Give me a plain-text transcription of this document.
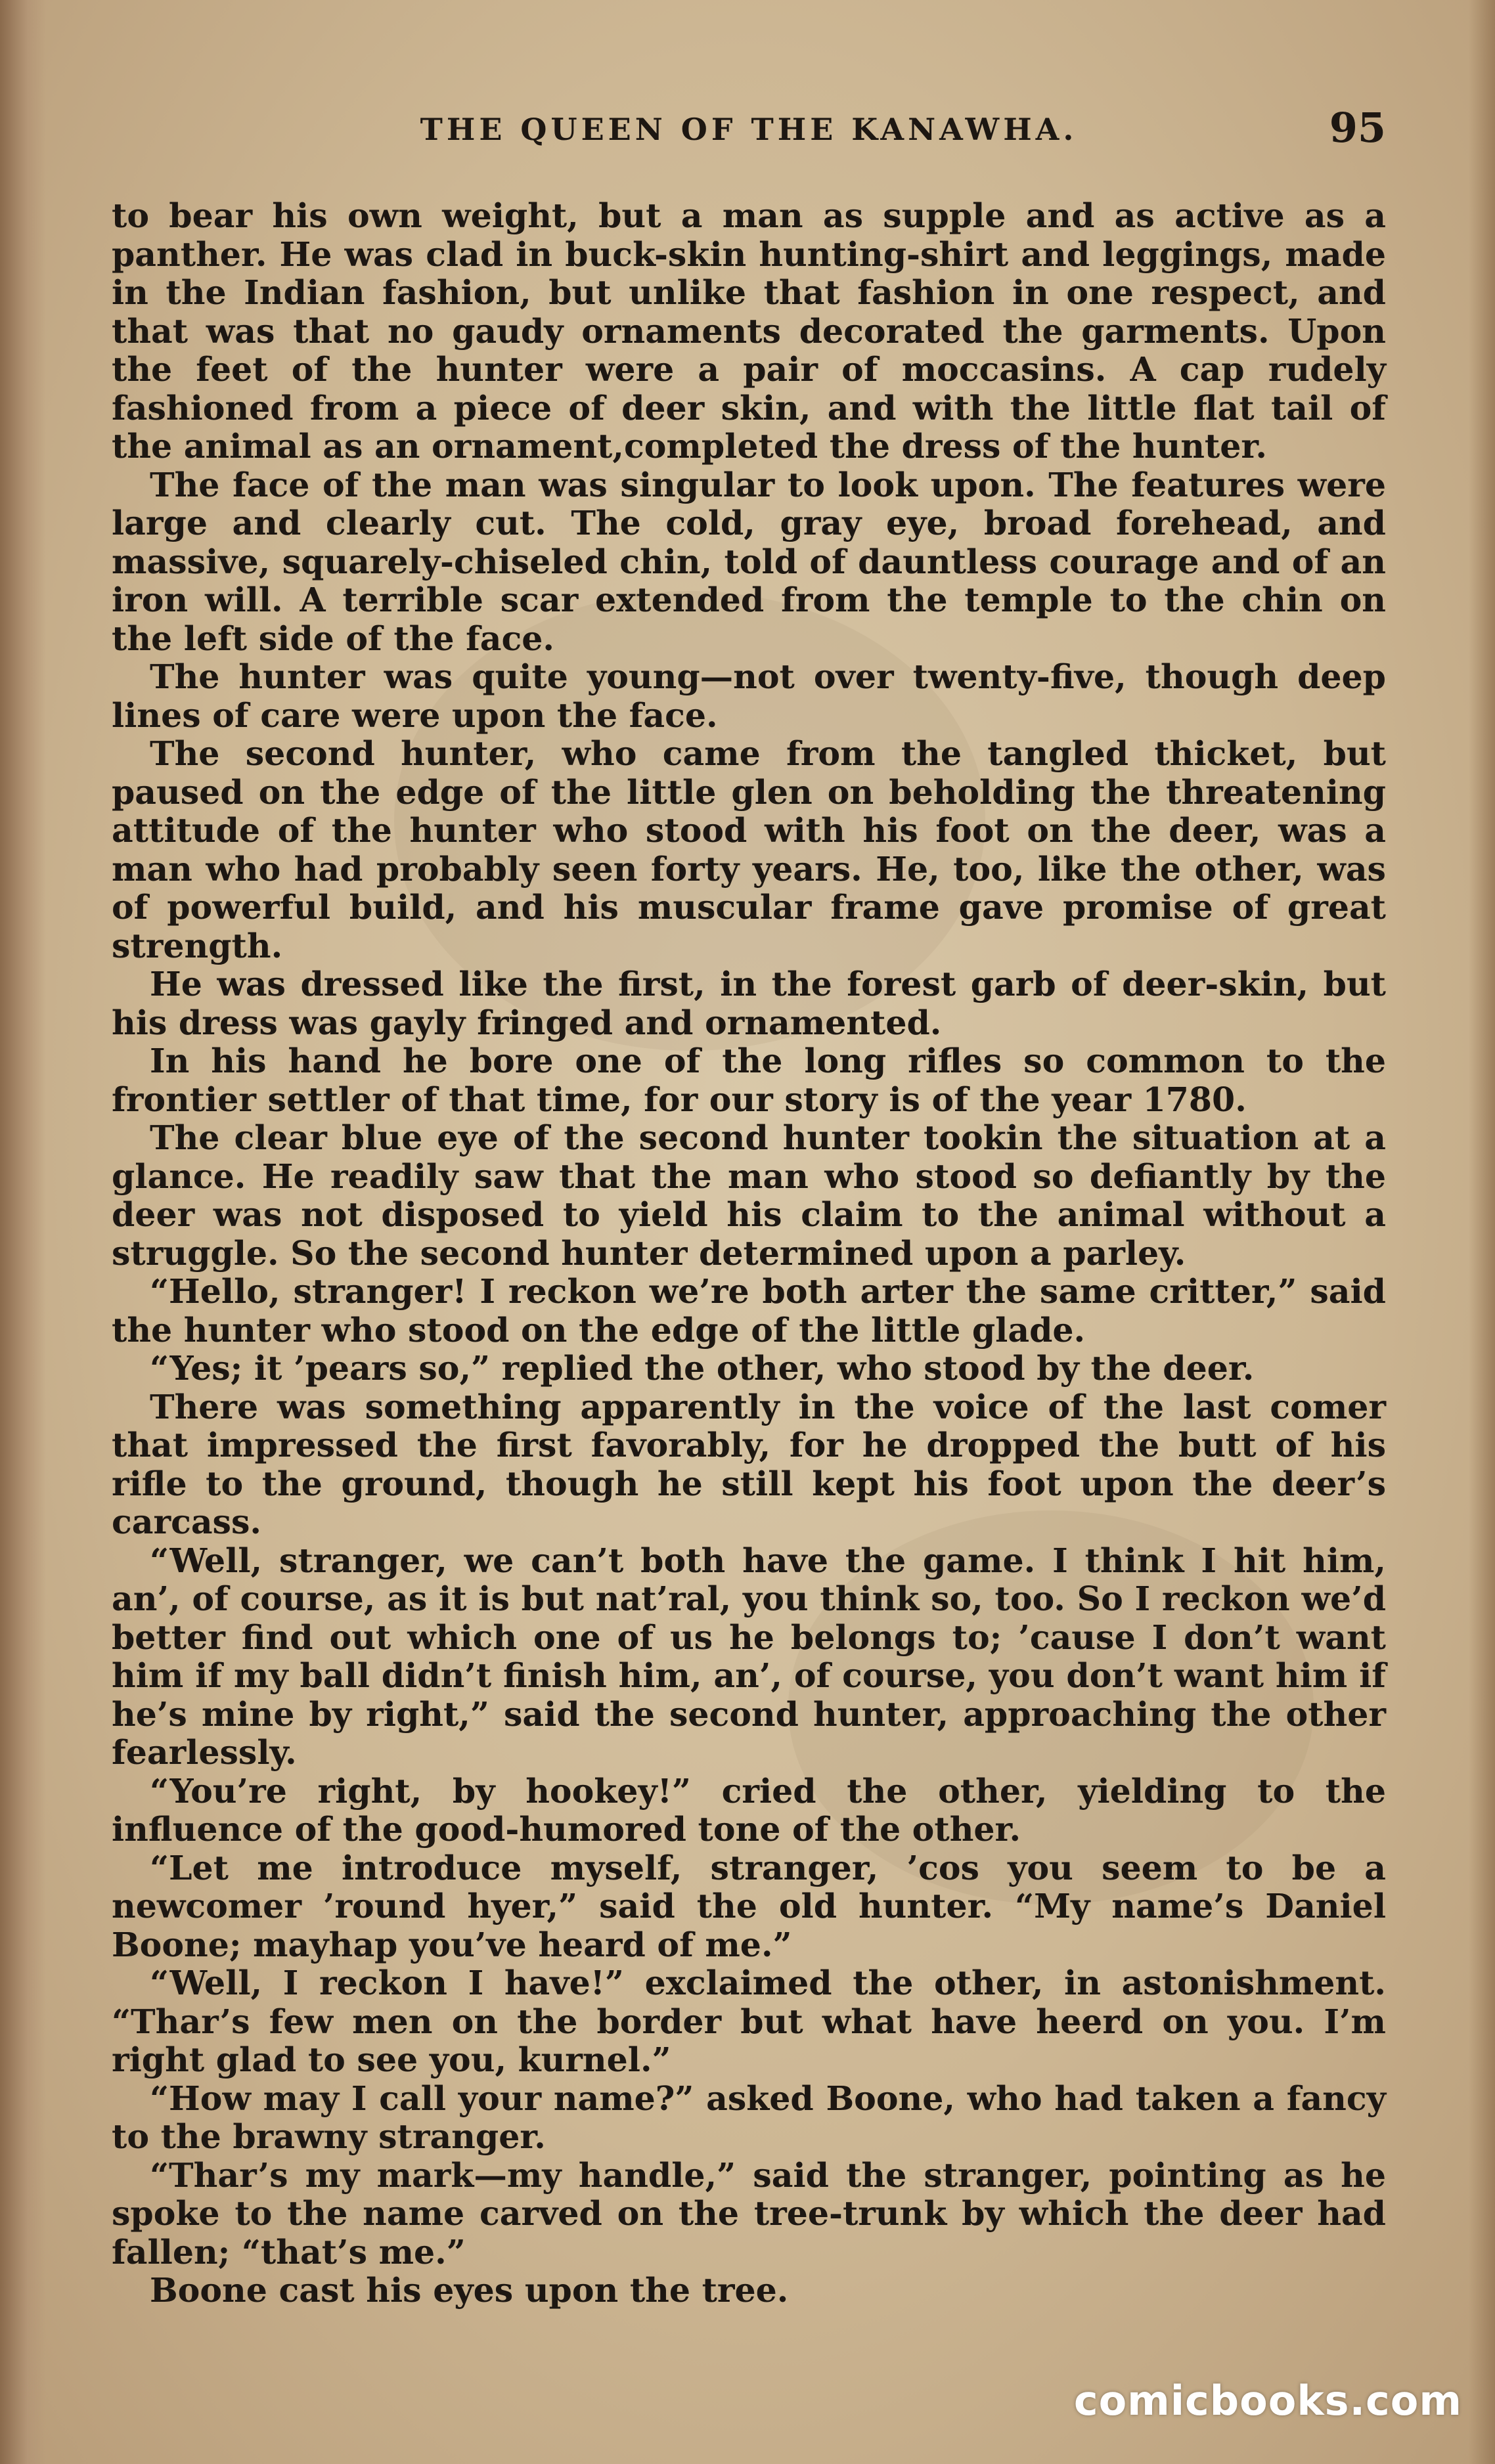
THE QUEEN OF THE KANAWHA.	95

to bear his own weight, but a man as supple and as active as a panther. He was clad in buck-skin hunting-shirt and leggings, made in the Indian fashion, but unlike that fashion in one respect, and that was that no gaudy ornaments decorated the garments. Upon the feet of the hunter were a pair of moccasins. A cap rudely fashioned from a piece of deer skin, and with the little flat tail of the animal as an ornament,completed the dress of the hunter.

The face of the man was singular to look upon. The features were large and clearly cut. The cold, gray eye, broad forehead, and massive, squarely-chiseled chin, told of dauntless courage and of an iron will. A terrible scar extended from the temple to the chin on the left side of the face.

The hunter was quite young—not over twenty-five, though deep lines of care were upon the face.

The second hunter, who came from the tangled thicket, but paused on the edge of the little glen on beholding the threatening attitude of the hunter who stood with his foot on the deer, was a man who had probably seen forty years. He, too, like the other, was of powerful build, and his muscular frame gave promise of great strength.

He was dressed like the first, in the forest garb of deer-skin, but his dress was gayly fringed and ornamented.

In his hand he bore one of the long rifles so common to the frontier settler of that time, for our story is of the year 1780.

The clear blue eye of the second hunter tookin the situation at a glance. He readily saw that the man who stood so defiantly by the deer was not disposed to yield his claim to the animal without a struggle. So the second hunter determined upon a parley.

“Hello, stranger! I reckon we’re both arter the same critter,” said the hunter who stood on the edge of the little glade.

“Yes; it ’pears so,” replied the other, who stood by the deer.

There was something apparently in the voice of the last comer that impressed the first favorably, for he dropped the butt of his rifle to the ground, though he still kept his foot upon the deer’s carcass.

“Well, stranger, we can’t both have the game. I think I hit him, an’, of course, as it is but nat’ral, you think so, too. So I reckon we’d better find out which one of us he belongs to; ’cause I don’t want him if my ball didn’t finish him, an’, of course, you don’t want him if he’s mine by right,” said the second hunter, approaching the other fearlessly.

“You’re right, by hookey!” cried the other, yielding to the influence of the good-humored tone of the other.

“Let me introduce myself, stranger, ’cos you seem to be a newcomer ’round hyer,” said the old hunter. “My name’s Daniel Boone; mayhap you’ve heard of me.”

“Well, I reckon I have!” exclaimed the other, in astonishment. “Thar’s few men on the border but what have heerd on you. I’m right glad to see you, kurnel.”

“How may I call your name?” asked Boone, who had taken a fancy to the brawny stranger.

“Thar’s my mark—my handle,” said the stranger, pointing as he spoke to the name carved on the tree-trunk by which the deer had fallen; “that’s me.”

Boone cast his eyes upon the tree.

comicbooks.com
